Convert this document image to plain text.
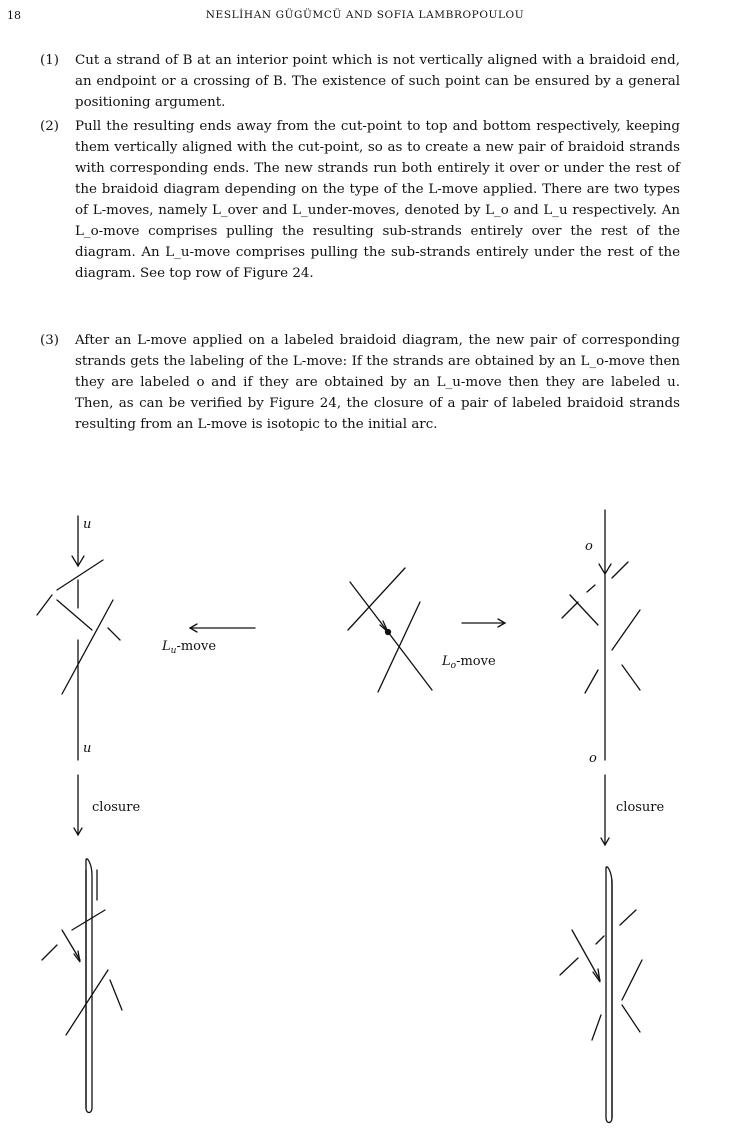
18	NESLİHAN GÜGÜMCÜ AND SOFIA LAMBROPOULOU
(1)	Cut a strand of B at an interior point which is not vertically aligned with a braidoid end, an endpoint or a crossing of B. The existence of such point can be ensured by a general positioning argument.
(2)	Pull the resulting ends away from the cut-point to top and bottom respectively, keeping them vertically aligned with the cut-point, so as to create a new pair of braidoid strands with corresponding ends. The new strands run both entirely it over or under the rest of the braidoid diagram depending on the type of the L-move applied. There are two types of L-moves, namely L_over and L_under-moves, denoted by L_o and L_u respectively. An L_o-move comprises pulling the resulting sub-strands entirely over the rest of the diagram. An L_u-move comprises pulling the sub-strands entirely under the rest of the diagram. See top row of Figure 24.
(3)	After an L-move applied on a labeled braidoid diagram, the new pair of corresponding strands gets the labeling of the L-move: If the strands are obtained by an L_o-move then they are labeled o and if they are obtained by an L_u-move then they are labeled u. Then, as can be verified by Figure 24, the closure of a pair of labeled braidoid strands resulting from an L-move is isotopic to the initial arc.
u
u
o
o
$L_u$-move
$L_o$-move
closure	closure
